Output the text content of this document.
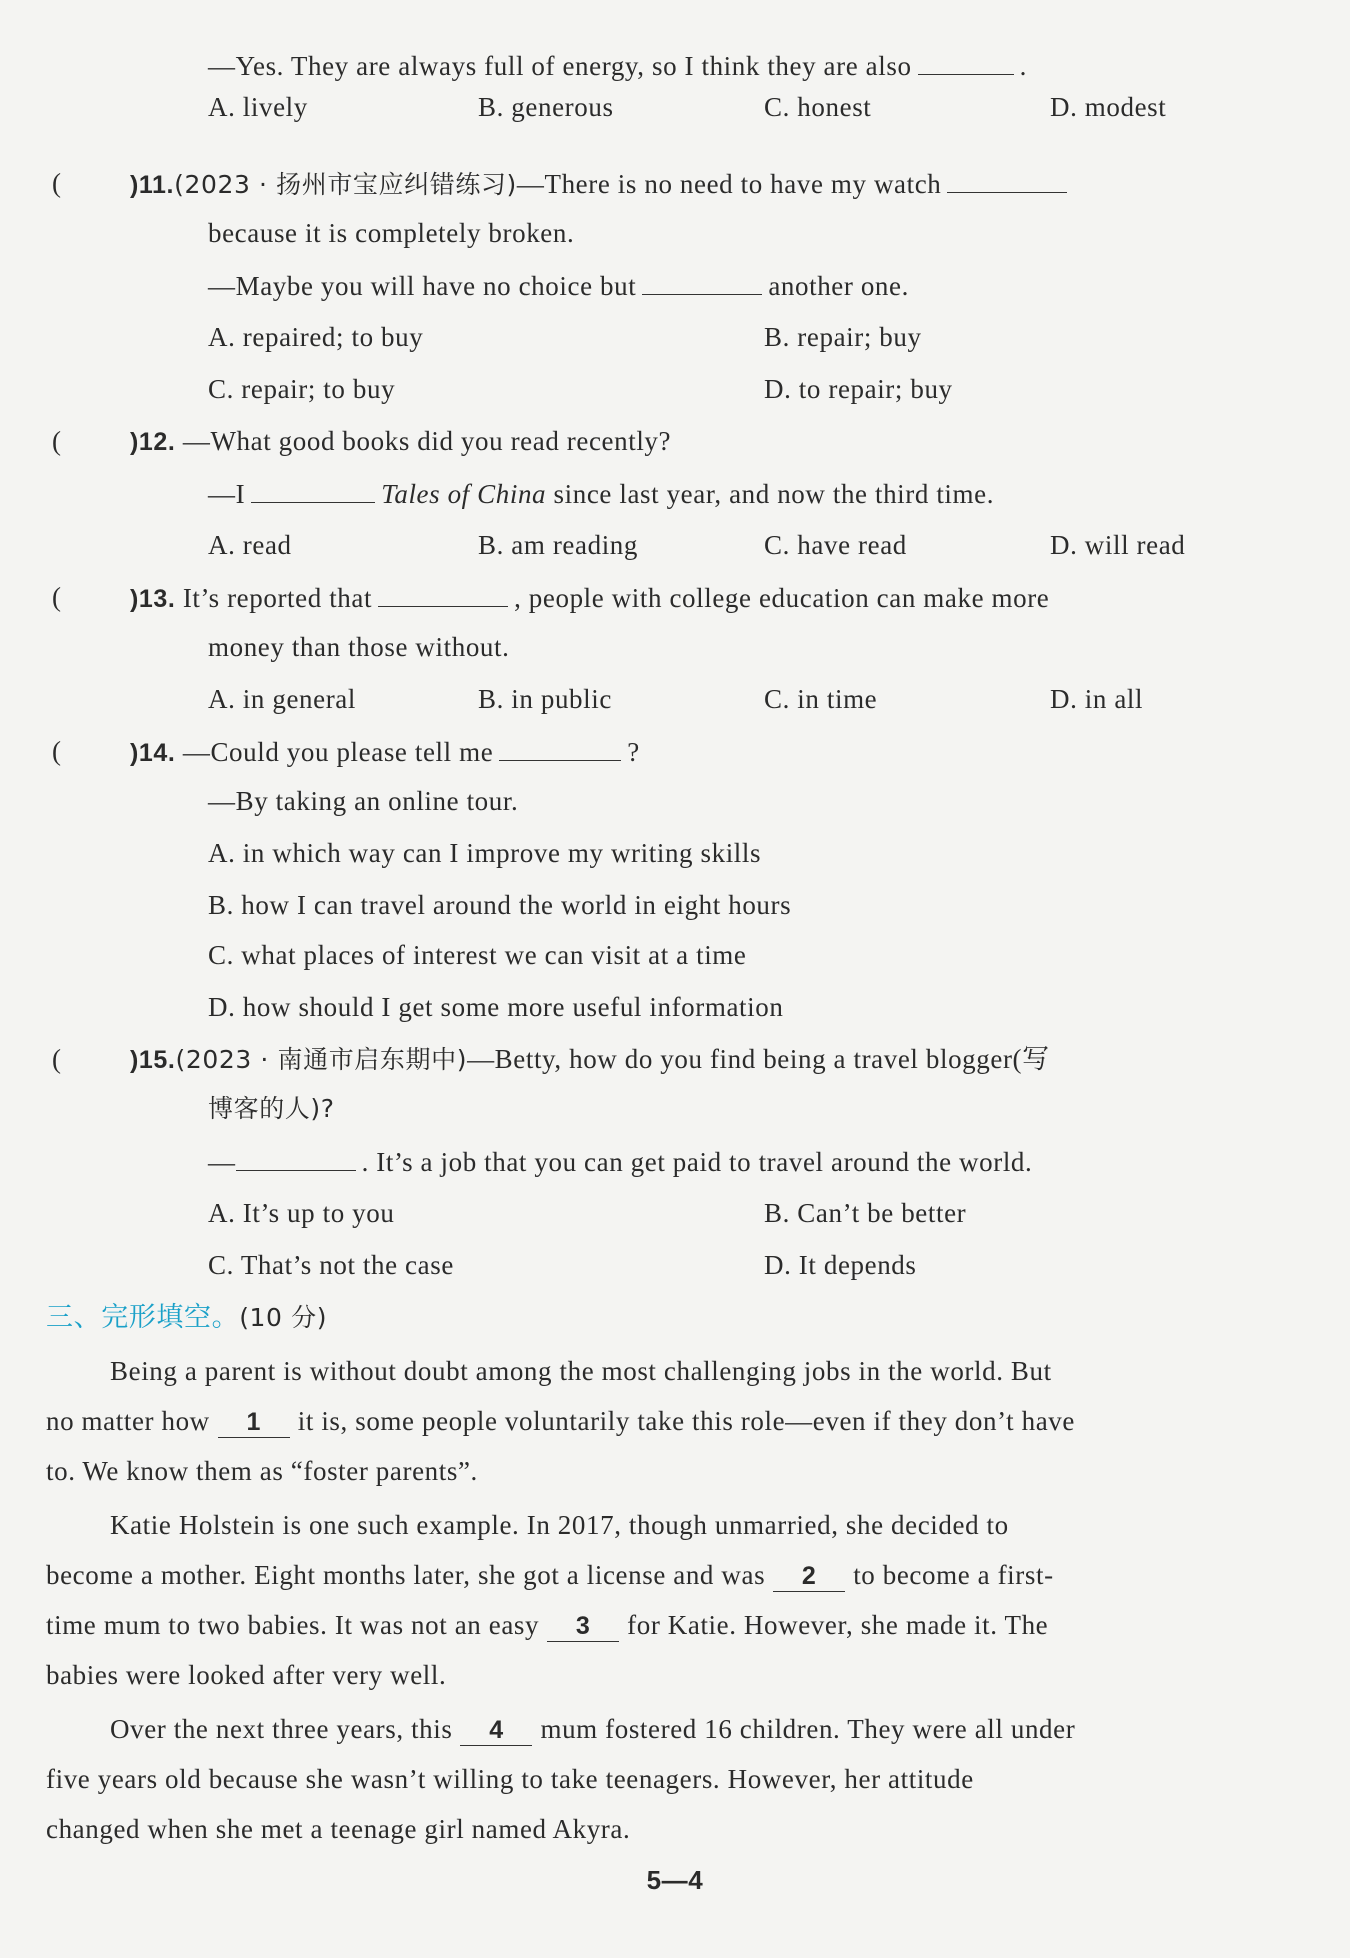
—Yes. They are always full of energy, so I think they are also	.
A. lively	B. generous	C. honest	D. modest
(	)11.(2023 · 扬州市宝应纠错练习)—There is no need to have my watch
because it is completely broken.
—Maybe you will have no choice but	another one.
A. repaired; to buy	B. repair; buy
C. repair; to buy	D. to repair; buy
(	)12. —What good books did you read recently?
—I	Tales of China since last year, and now the third time.
A. read	B. am reading	C. have read	D. will read
(	)13. It’s reported that	, people with college education can make more
money than those without.
A. in general	B. in public	C. in time	D. in all
(	)14. —Could you please tell me	?
—By taking an online tour.
A. in which way can I improve my writing skills
B. how I can travel around the world in eight hours
C. what places of interest we can visit at a time
D. how should I get some more useful information
(	)15.(2023 · 南通市启东期中)—Betty, how do you find being a travel blogger(写
博客的人)?
—	. It’s a job that you can get paid to travel around the world.
A. It’s up to you	B. Can’t be better
C. That’s not the case	D. It depends
三、完形填空。(10 分)
Being a parent is without doubt among the most challenging jobs in the world. But
no matter how 1 it is, some people voluntarily take this role—even if they don’t have
to. We know them as “foster parents”.
Katie Holstein is one such example. In 2017, though unmarried, she decided to
become a mother. Eight months later, she got a license and was 2 to become a first-
time mum to two babies. It was not an easy 3 for Katie. However, she made it. The
babies were looked after very well.
Over the next three years, this 4 mum fostered 16 children. They were all under
five years old because she wasn’t willing to take teenagers. However, her attitude
changed when she met a teenage girl named Akyra.
5—4
